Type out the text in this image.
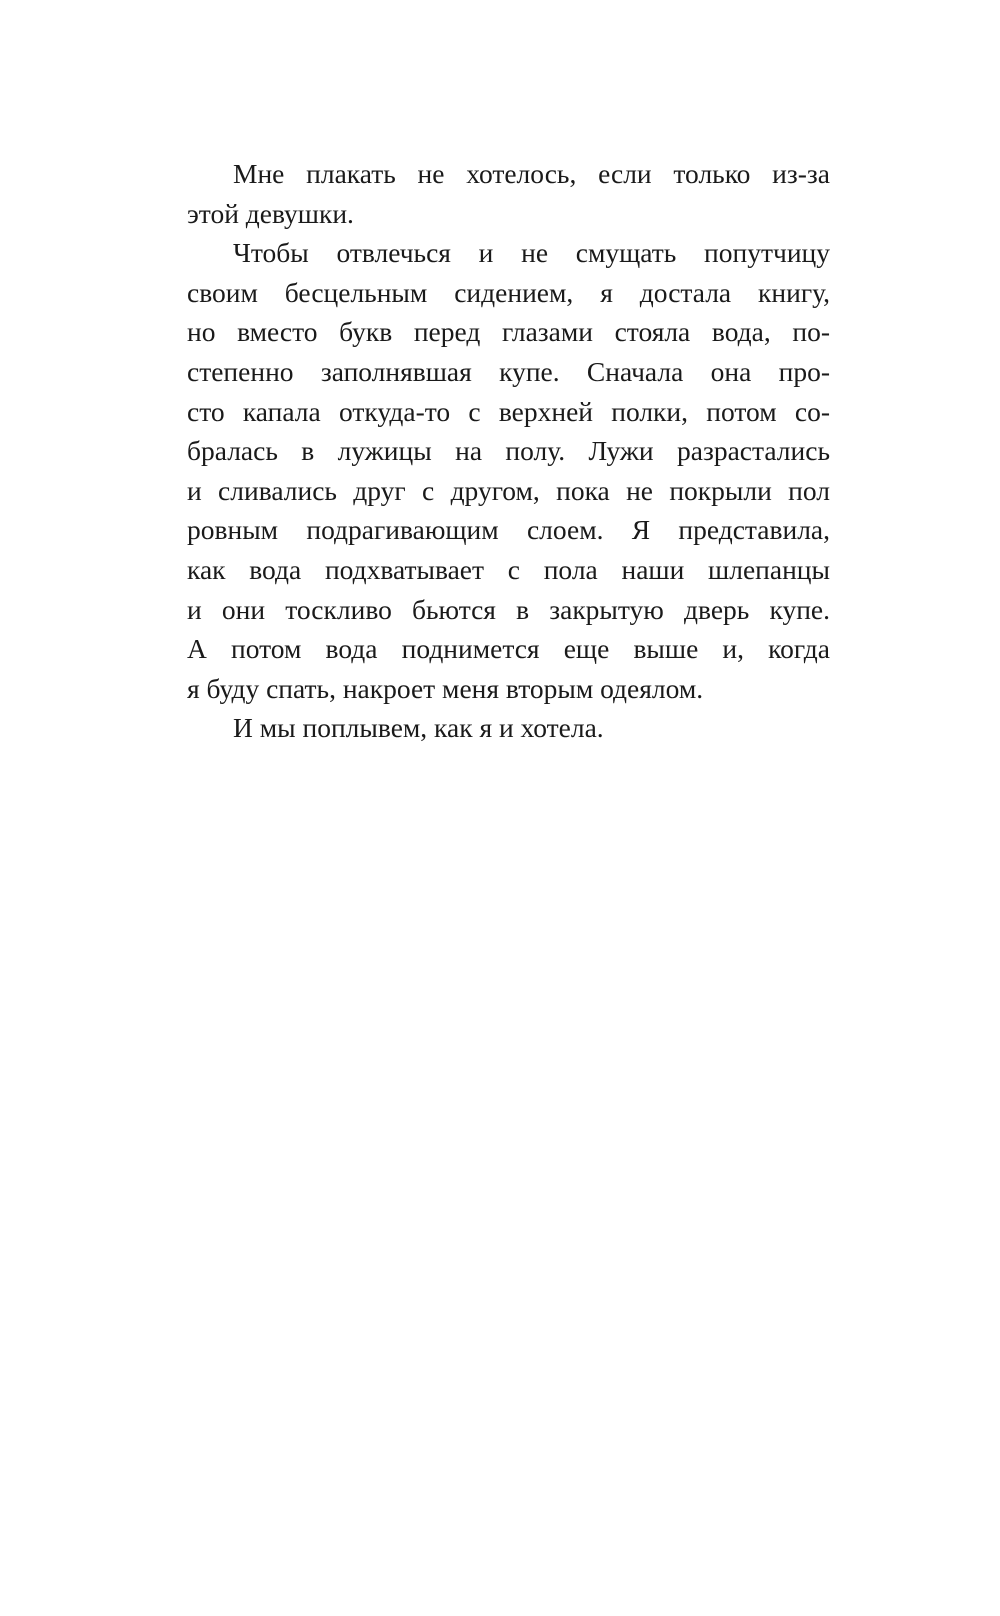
Мне плакать не хотелось, если только из-за
этой девушки.
Чтобы отвлечься и не смущать попутчицу
своим бесцельным сидением, я достала книгу,
но вместо букв перед глазами стояла вода, по-
степенно заполнявшая купе. Сначала она про-
сто капала откуда-то с верхней полки, потом со-
бралась в лужицы на полу. Лужи разрастались
и сливались друг с другом, пока не покрыли пол
ровным подрагивающим слоем. Я представила,
как вода подхватывает с пола наши шлепанцы
и они тоскливо бьются в закрытую дверь купе.
А потом вода поднимется еще выше и, когда
я буду спать, накроет меня вторым одеялом.
И мы поплывем, как я и хотела.
